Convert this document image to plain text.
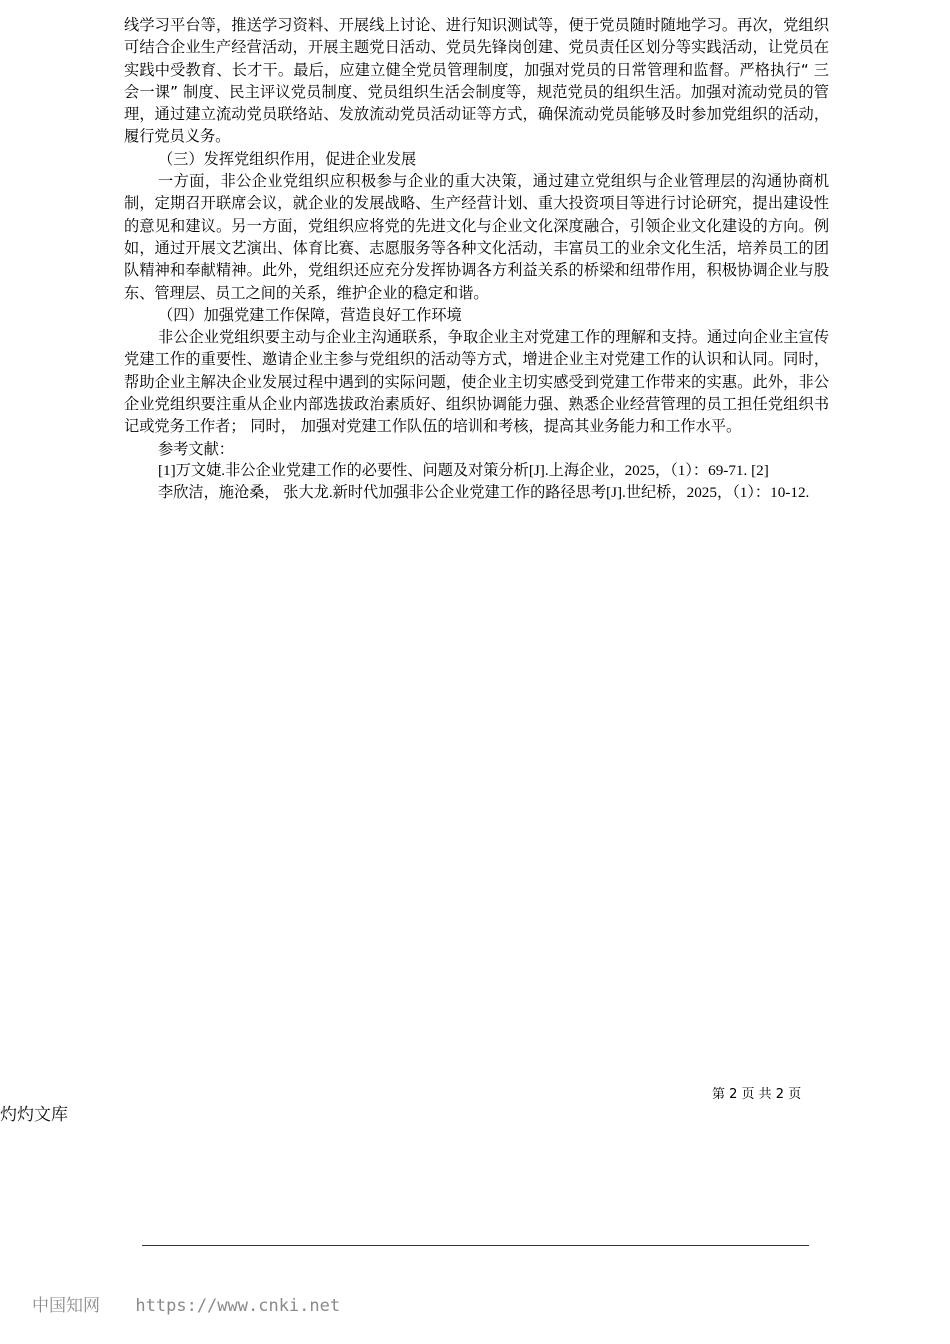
线学习平台等，推送学习资料、开展线上讨论、进行知识测试等，便于党员随时随地学习。再次，党组织可结合企业生产经营活动，开展主题党日活动、党员先锋岗创建、党员责任区划分等实践活动，让党员在实践中受教育、长才干。最后，应建立健全党员管理制度，加强对党员的日常管理和监督。严格执行“ 三会一课” 制度、民主评议党员制度、党员组织生活会制度等，规范党员的组织生活。加强对流动党员的管理，通过建立流动党员联络站、发放流动党员活动证等方式，确保流动党员能够及时参加党组织的活动，履行党员义务。

（三）发挥党组织作用，促进企业发展

一方面，非公企业党组织应积极参与企业的重大决策，通过建立党组织与企业管理层的沟通协商机制，定期召开联席会议，就企业的发展战略、生产经营计划、重大投资项目等进行讨论研究，提出建设性的意见和建议。另一方面，党组织应将党的先进文化与企业文化深度融合，引领企业文化建设的方向。例如，通过开展文艺演出、体育比赛、志愿服务等各种文化活动，丰富员工的业余文化生活，培养员工的团队精神和奉献精神。此外，党组织还应充分发挥协调各方利益关系的桥梁和纽带作用，积极协调企业与股东、管理层、员工之间的关系，维护企业的稳定和谐。

（四）加强党建工作保障，营造良好工作环境

非公企业党组织要主动与企业主沟通联系，争取企业主对党建工作的理解和支持。通过向企业主宣传党建工作的重要性、邀请企业主参与党组织的活动等方式，增进企业主对党建工作的认识和认同。同时，帮助企业主解决企业发展过程中遇到的实际问题，使企业主切实感受到党建工作带来的实惠。此外，非公企业党组织要注重从企业内部选拔政治素质好、组织协调能力强、熟悉企业经营管理的员工担任党组织书记或党务工作者； 同时， 加强对党建工作队伍的培训和考核，提高其业务能力和工作水平。

参考文献：

[1]万文婕.非公企业党建工作的必要性、问题及对策分析[J].上海企业，2025，（1）：69-71. [2]

李欣洁，施沧桑， 张大龙.新时代加强非公企业党建工作的路径思考[J].世纪桥，2025，（1）：10-12.

第 2 页 共 2 页
灼灼文库
中国知网 https://www.cnki.net
